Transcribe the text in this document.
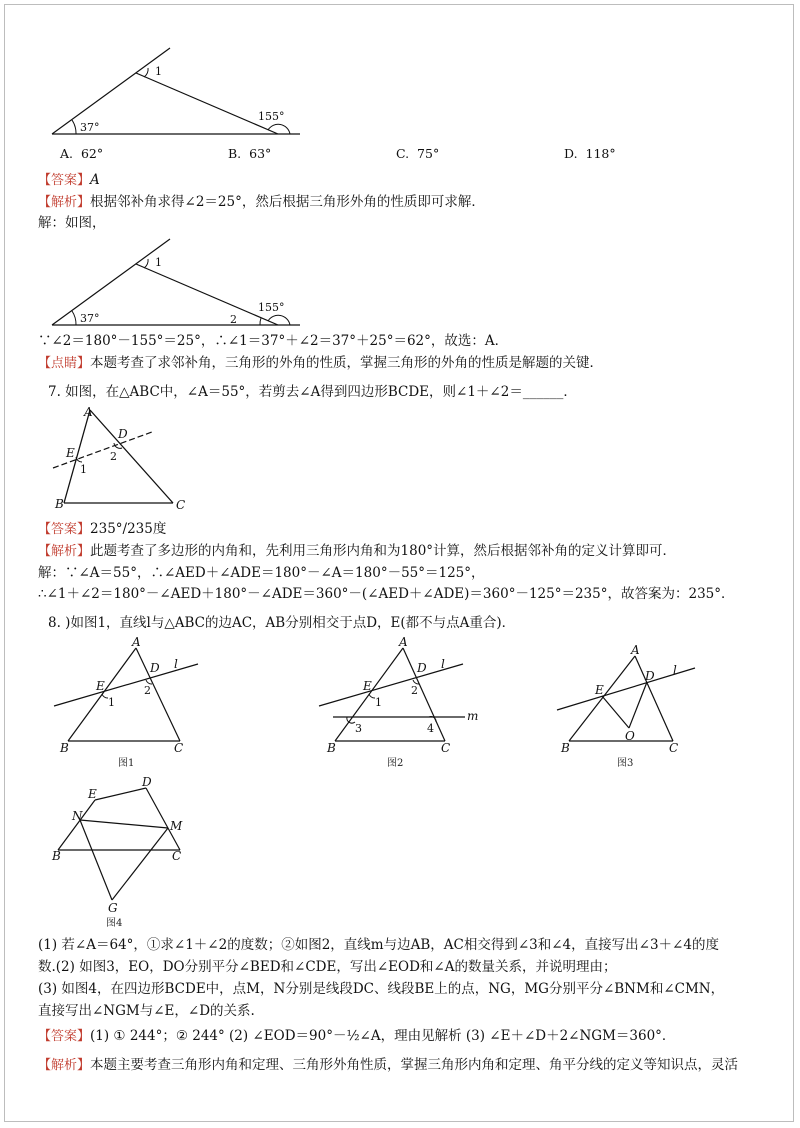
1
37°
155°
A. 62°	B. 63°	C. 75°	D. 118°
【答案】A
【解析】根据邻补角求得∠2＝25°，然后根据三角形外角的性质即可求解．
解：如图，
1
2
37°
155°
∵∠2＝180°－155°＝25°，∴∠1＝37°＋∠2＝37°＋25°＝62°，故选：A．
【点睛】本题考查了求邻补角，三角形的外角的性质，掌握三角形的外角的性质是解题的关键．
7. 如图，在△ABC中，∠A＝55°，若剪去∠A得到四边形BCDE，则∠1＋∠2＝______．
A
B	C
D
E
1
2
【答案】235°/235度
【解析】此题考查了多边形的内角和，先利用三角形内角和为180°计算，然后根据邻补角的定义计算即可．
解：∵∠A＝55°，∴∠AED＋∠ADE＝180°－∠A＝180°－55°＝125°，
∴∠1＋∠2＝180°－∠AED＋180°－∠ADE＝360°－(∠AED＋∠ADE)＝360°－125°＝235°，故答案为：235°．
8. )如图1，直线l与△ABC的边AC，AB分别相交于点D，E(都不与点A重合)．
A
B	C
D
E
l
1
2
图1
A
B	C
D
E
l
m
1
2
3	4
图2
A
B	C
D
E
O
l
图3
B	C
D
E
G
M
N
图4
(1) 若∠A＝64°，①求∠1＋∠2的度数；②如图2，直线m与边AB，AC相交得到∠3和∠4，直接写出∠3＋∠4的度
数.(2) 如图3，EO，DO分别平分∠BED和∠CDE，写出∠EOD和∠A的数量关系，并说明理由；
(3) 如图4，在四边形BCDE中，点M，N分别是线段DC、线段BE上的点，NG，MG分别平分∠BNM和∠CMN，
直接写出∠NGM与∠E，∠D的关系.
【答案】(1) ① 244°；② 244° (2) ∠EOD＝90°－½∠A，理由见解析 (3) ∠E＋∠D＋2∠NGM＝360°．
【解析】本题主要考查三角形内角和定理、三角形外角性质，掌握三角形内角和定理、角平分线的定义等知识点，灵活
